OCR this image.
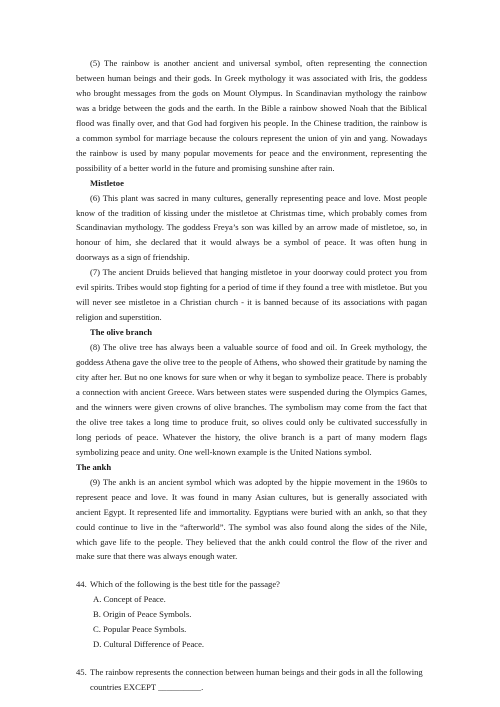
(5) The rainbow is another ancient and universal symbol, often representing the connection between human beings and their gods. In Greek mythology it was associated with Iris, the goddess who brought messages from the gods on Mount Olympus. In Scandinavian mythology the rainbow was a bridge between the gods and the earth. In the Bible a rainbow showed Noah that the Biblical flood was finally over, and that God had forgiven his people. In the Chinese tradition, the rainbow is a common symbol for marriage because the colours represent the union of yin and yang. Nowadays the rainbow is used by many popular movements for peace and the environment, representing the possibility of a better world in the future and promising sunshine after rain.

Mistletoe

(6) This plant was sacred in many cultures, generally representing peace and love. Most people know of the tradition of kissing under the mistletoe at Christmas time, which probably comes from Scandinavian mythology. The goddess Freya’s son was killed by an arrow made of mistletoe, so, in honour of him, she declared that it would always be a symbol of peace. It was often hung in doorways as a sign of friendship.

(7) The ancient Druids believed that hanging mistletoe in your doorway could protect you from evil spirits. Tribes would stop fighting for a period of time if they found a tree with mistletoe. But you will never see mistletoe in a Christian church - it is banned because of its associations with pagan religion and superstition.

The olive branch

(8) The olive tree has always been a valuable source of food and oil. In Greek mythology, the goddess Athena gave the olive tree to the people of Athens, who showed their gratitude by naming the city after her. But no one knows for sure when or why it began to symbolize peace. There is probably a connection with ancient Greece. Wars between states were suspended during the Olympics Games, and the winners were given crowns of olive branches. The symbolism may come from the fact that the olive tree takes a long time to produce fruit, so olives could only be cultivated successfully in long periods of peace. Whatever the history, the olive branch is a part of many modern flags symbolizing peace and unity. One well-known example is the United Nations symbol.

The ankh

(9) The ankh is an ancient symbol which was adopted by the hippie movement in the 1960s to represent peace and love. It was found in many Asian cultures, but is generally associated with ancient Egypt. It represented life and immortality. Egyptians were buried with an ankh, so that they could continue to live in the “afterworld”. The symbol was also found along the sides of the Nile, which gave life to the people. They believed that the ankh could control the flow of the river and make sure that there was always enough water.

44. Which of the following is the best title for the passage?
A. Concept of Peace.
B. Origin of Peace Symbols.
C. Popular Peace Symbols.
D. Cultural Difference of Peace.
45. The rainbow represents the connection between human beings and their gods in all the following countries EXCEPT __________.
